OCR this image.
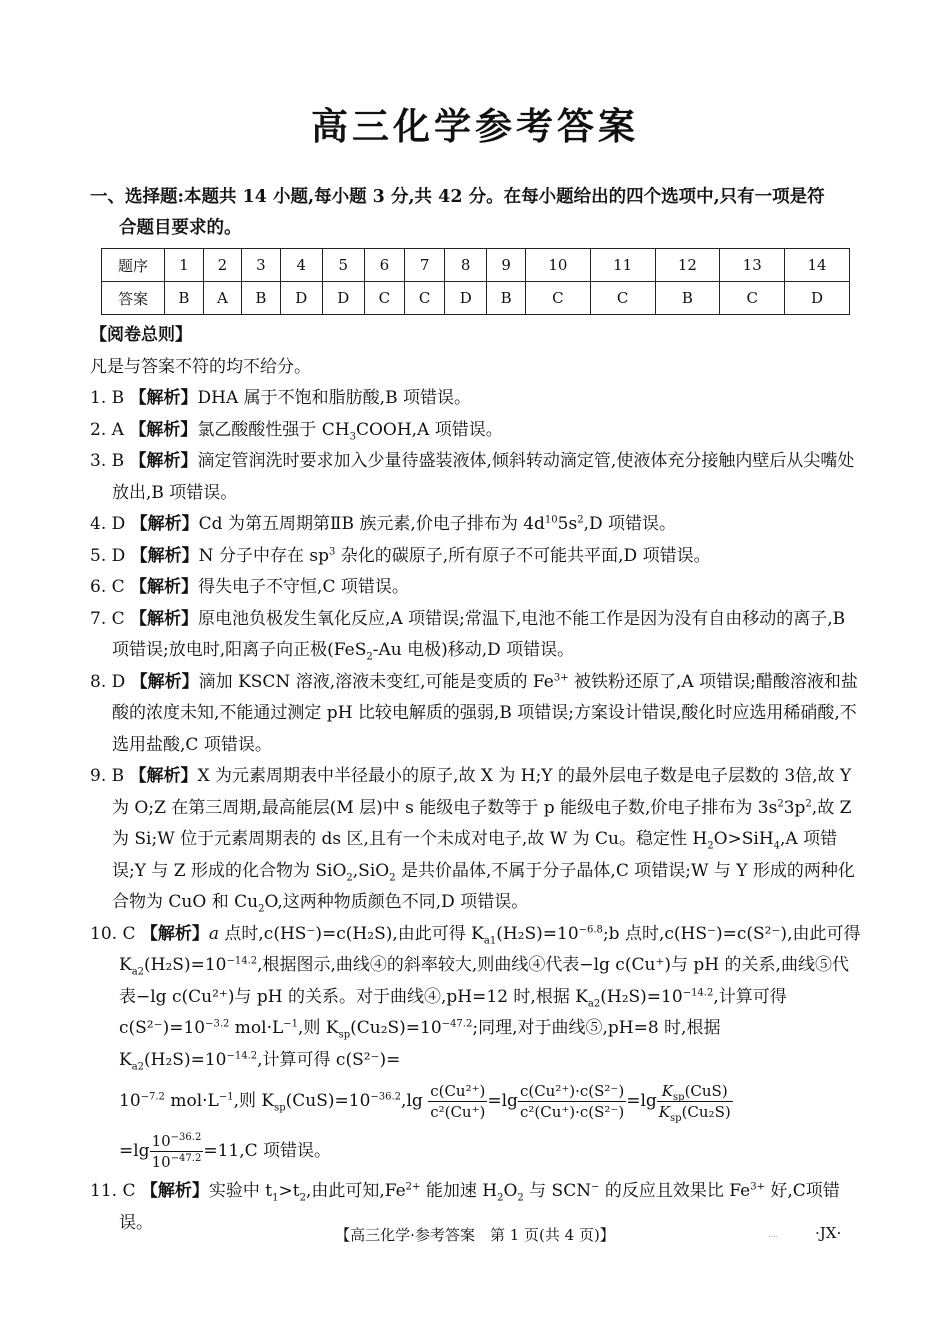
高三化学参考答案
一、选择题:本题共 14 小题,每小题 3 分,共 42 分。在每小题给出的四个选项中,只有一项是符
合题目要求的。
题序	1	2	3	4	5	6	7	8	9	10	11	12	13	14
答案	B	A	B	D	D	C	C	D	B	C	C	B	C	D

【阅卷总则】

凡是与答案不符的均不给分。

1. B 【解析】DHA 属于不饱和脂肪酸,B 项错误。

2. A 【解析】氯乙酸酸性强于 $CH_3COOH,A$ 项错误。

3. B 【解析】滴定管润洗时要求加入少量待盛装液体,倾斜转动滴定管,使液体充分接触内壁后从尖嘴处放出,B 项错误。

4. D 【解析】Cd 为第五周期第ⅡB 族元素,价电子排布为 $4d^{10}5s^2,D$ 项错误。

5. D 【解析】N 分子中存在 $sp^3$ 杂化的碳原子,所有原子不可能共平面,D 项错误。

6. C 【解析】得失电子不守恒,C 项错误。

7. C 【解析】原电池负极发生氧化反应,A 项错误;常温下,电池不能工作是因为没有自由移动的离子,B 项错误;放电时,阳离子向正极(FeS$_2$-Au 电极)移动,D 项错误。

8. D 【解析】滴加 KSCN 溶液,溶液未变红,可能是变质的 $Fe^{3+}$ 被铁粉还原了,A 项错误;醋酸溶液和盐酸的浓度未知,不能通过测定 pH 比较电解质的强弱,B 项错误;方案设计错误,酸化时应选用稀硝酸,不选用盐酸,C 项错误。

9. B 【解析】X 为元素周期表中半径最小的原子,故 X 为 H;Y 的最外层电子数是电子层数的 3倍,故 Y 为 O;Z 在第三周期,最高能层(M 层)中 s 能级电子数等于 p 能级电子数,价电子排布为 $3s^23p^2$,故 Z 为 Si;W 位于元素周期表的 ds 区,且有一个未成对电子,故 W 为 Cu。稳定性 $H_2O>SiH_4,A$ 项错误;Y 与 Z 形成的化合物为 SiO$_2$,SiO$_2$ 是共价晶体,不属于分子晶体,C 项错误;W 与 Y 形成的两种化合物为 CuO 和 $Cu_2O$,这两种物质颜色不同,D 项错误。

10. C 【解析】a 点时,c(HS⁻)=c(H₂S),由此可得 $K_{a1}(H_2S)=10^{-6.8};b$ 点时,c(HS⁻)=c(S²⁻),由此可得 $K_{a2}(H_2S)=10^{-14.2}$,根据图示,曲线④的斜率较大,则曲线④代表−lg c(Cu⁺)与 pH 的关系,曲线⑤代表−lg c(Cu²⁺)与 pH 的关系。对于曲线④,pH=12 时,根据 $K_{a2}(H_2S)=10^{-14.2}$,计算可得 $c(S^{2-})=10^{-3.2}$ $mol\cdot L^{-1}$,则 $K_{sp}(Cu_2S)=10^{-47.2}$;同理,对于曲线⑤,pH=8 时,根据 $K_{a2}(H_2S)=10^{-14.2}$,计算可得 c(S²⁻)=

$10^{-7.2}$ $mol\cdot L^{-1}$,则 $K_{sp}(CuS)=10^{-36.2},\lg \frac{\text{c(Cu²⁺)}}{\text{c²(Cu⁺)}} =\lg \frac{\text{c(Cu²⁺)·c(S²⁻)}}{\text{c²(Cu⁺)·c(S²⁻)}} =\lg \frac{K_{sp}(CuS)}{K_{sp}(Cu_2S)}$

$=\lg \frac{10^{-36.2}}{10^{-47.2}} =11,C$ 项错误。

11. C 【解析】实验中 $t_1>t_2$,由此可知$,Fe^{2+}$ 能加速 $H_2O_2$ 与 SCN− 的反应且效果比 $Fe^{3+}$ 好,C项错误。

【高三化学·参考答案　第 1 页(共 4 页)】	.... ·JX·
